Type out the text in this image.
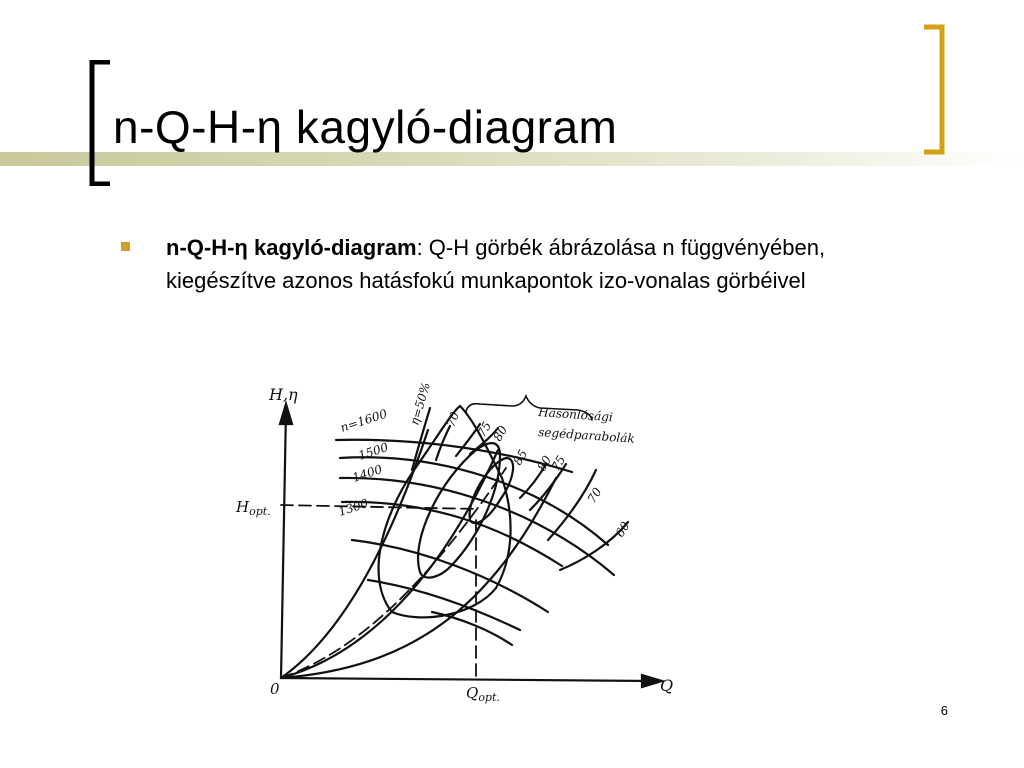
n-Q-H-η kagyló-diagram
n-Q-H-η kagyló-diagram: Q-H görbék ábrázolása n függvényében, kiegészítve azonos hatásfokú munkapontok izo-vonalas görbéivel
H,η
Q
0
$H_{opt.}$
$Q_{opt.}$
n=1600
1500
1400
1300
η=50% 70 75
80
85 80
75
70
60
Hasonlósági
segédparabolák
6
